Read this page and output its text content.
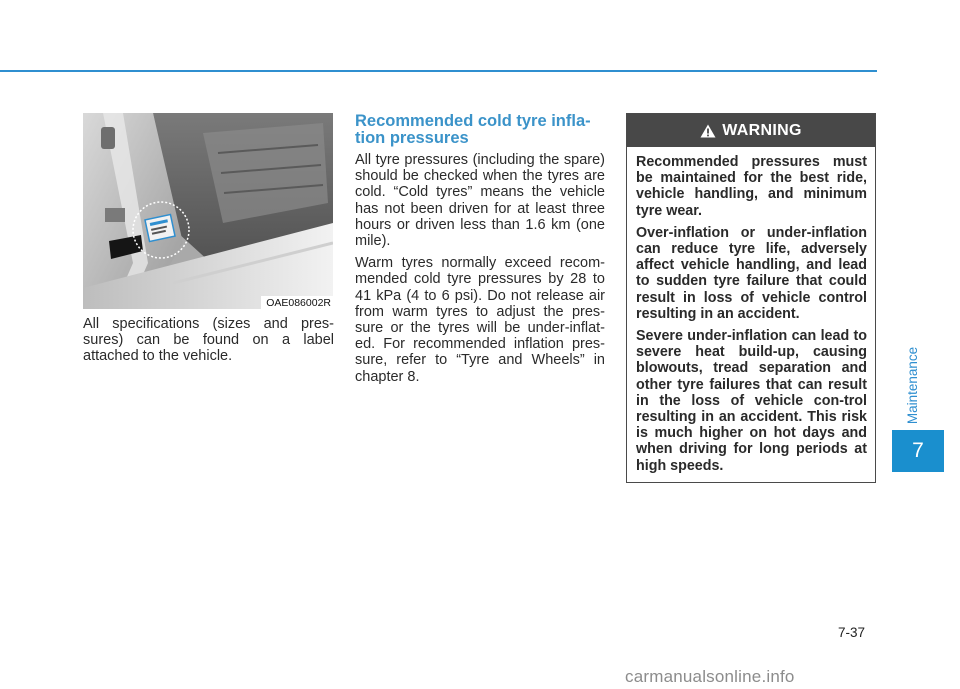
OAE086002R

All specifications (sizes and pres-sures) can be found on a label attached to the vehicle.

Recommended cold tyre infla-tion pressures

All tyre pressures (including the spare) should be checked when the tyres are cold. “Cold tyres” means the vehicle has not been driven for at least three hours or driven less than 1.6 km (one mile).

Warm tyres normally exceed recom-mended cold tyre pressures by 28 to 41 kPa (4 to 6 psi). Do not release air from warm tyres to adjust the pres-sure or the tyres will be under-inflat-ed. For recommended inflation pres-sure, refer to “Tyre and Wheels” in chapter 8.

WARNING

Recommended pressures must be maintained for the best ride, vehicle handling, and minimum tyre wear.

Over-inflation or under-inflation can reduce tyre life, adversely affect vehicle handling, and lead to sudden tyre failure that could result in loss of vehicle control resulting in an accident.

Severe under-inflation can lead to severe heat build-up, causing blowouts, tread separation and other tyre failures that can result in the loss of vehicle con-trol resulting in an accident. This risk is much higher on hot days and when driving for long periods at high speeds.

Maintenance
7
7-37
carmanualsonline.info
